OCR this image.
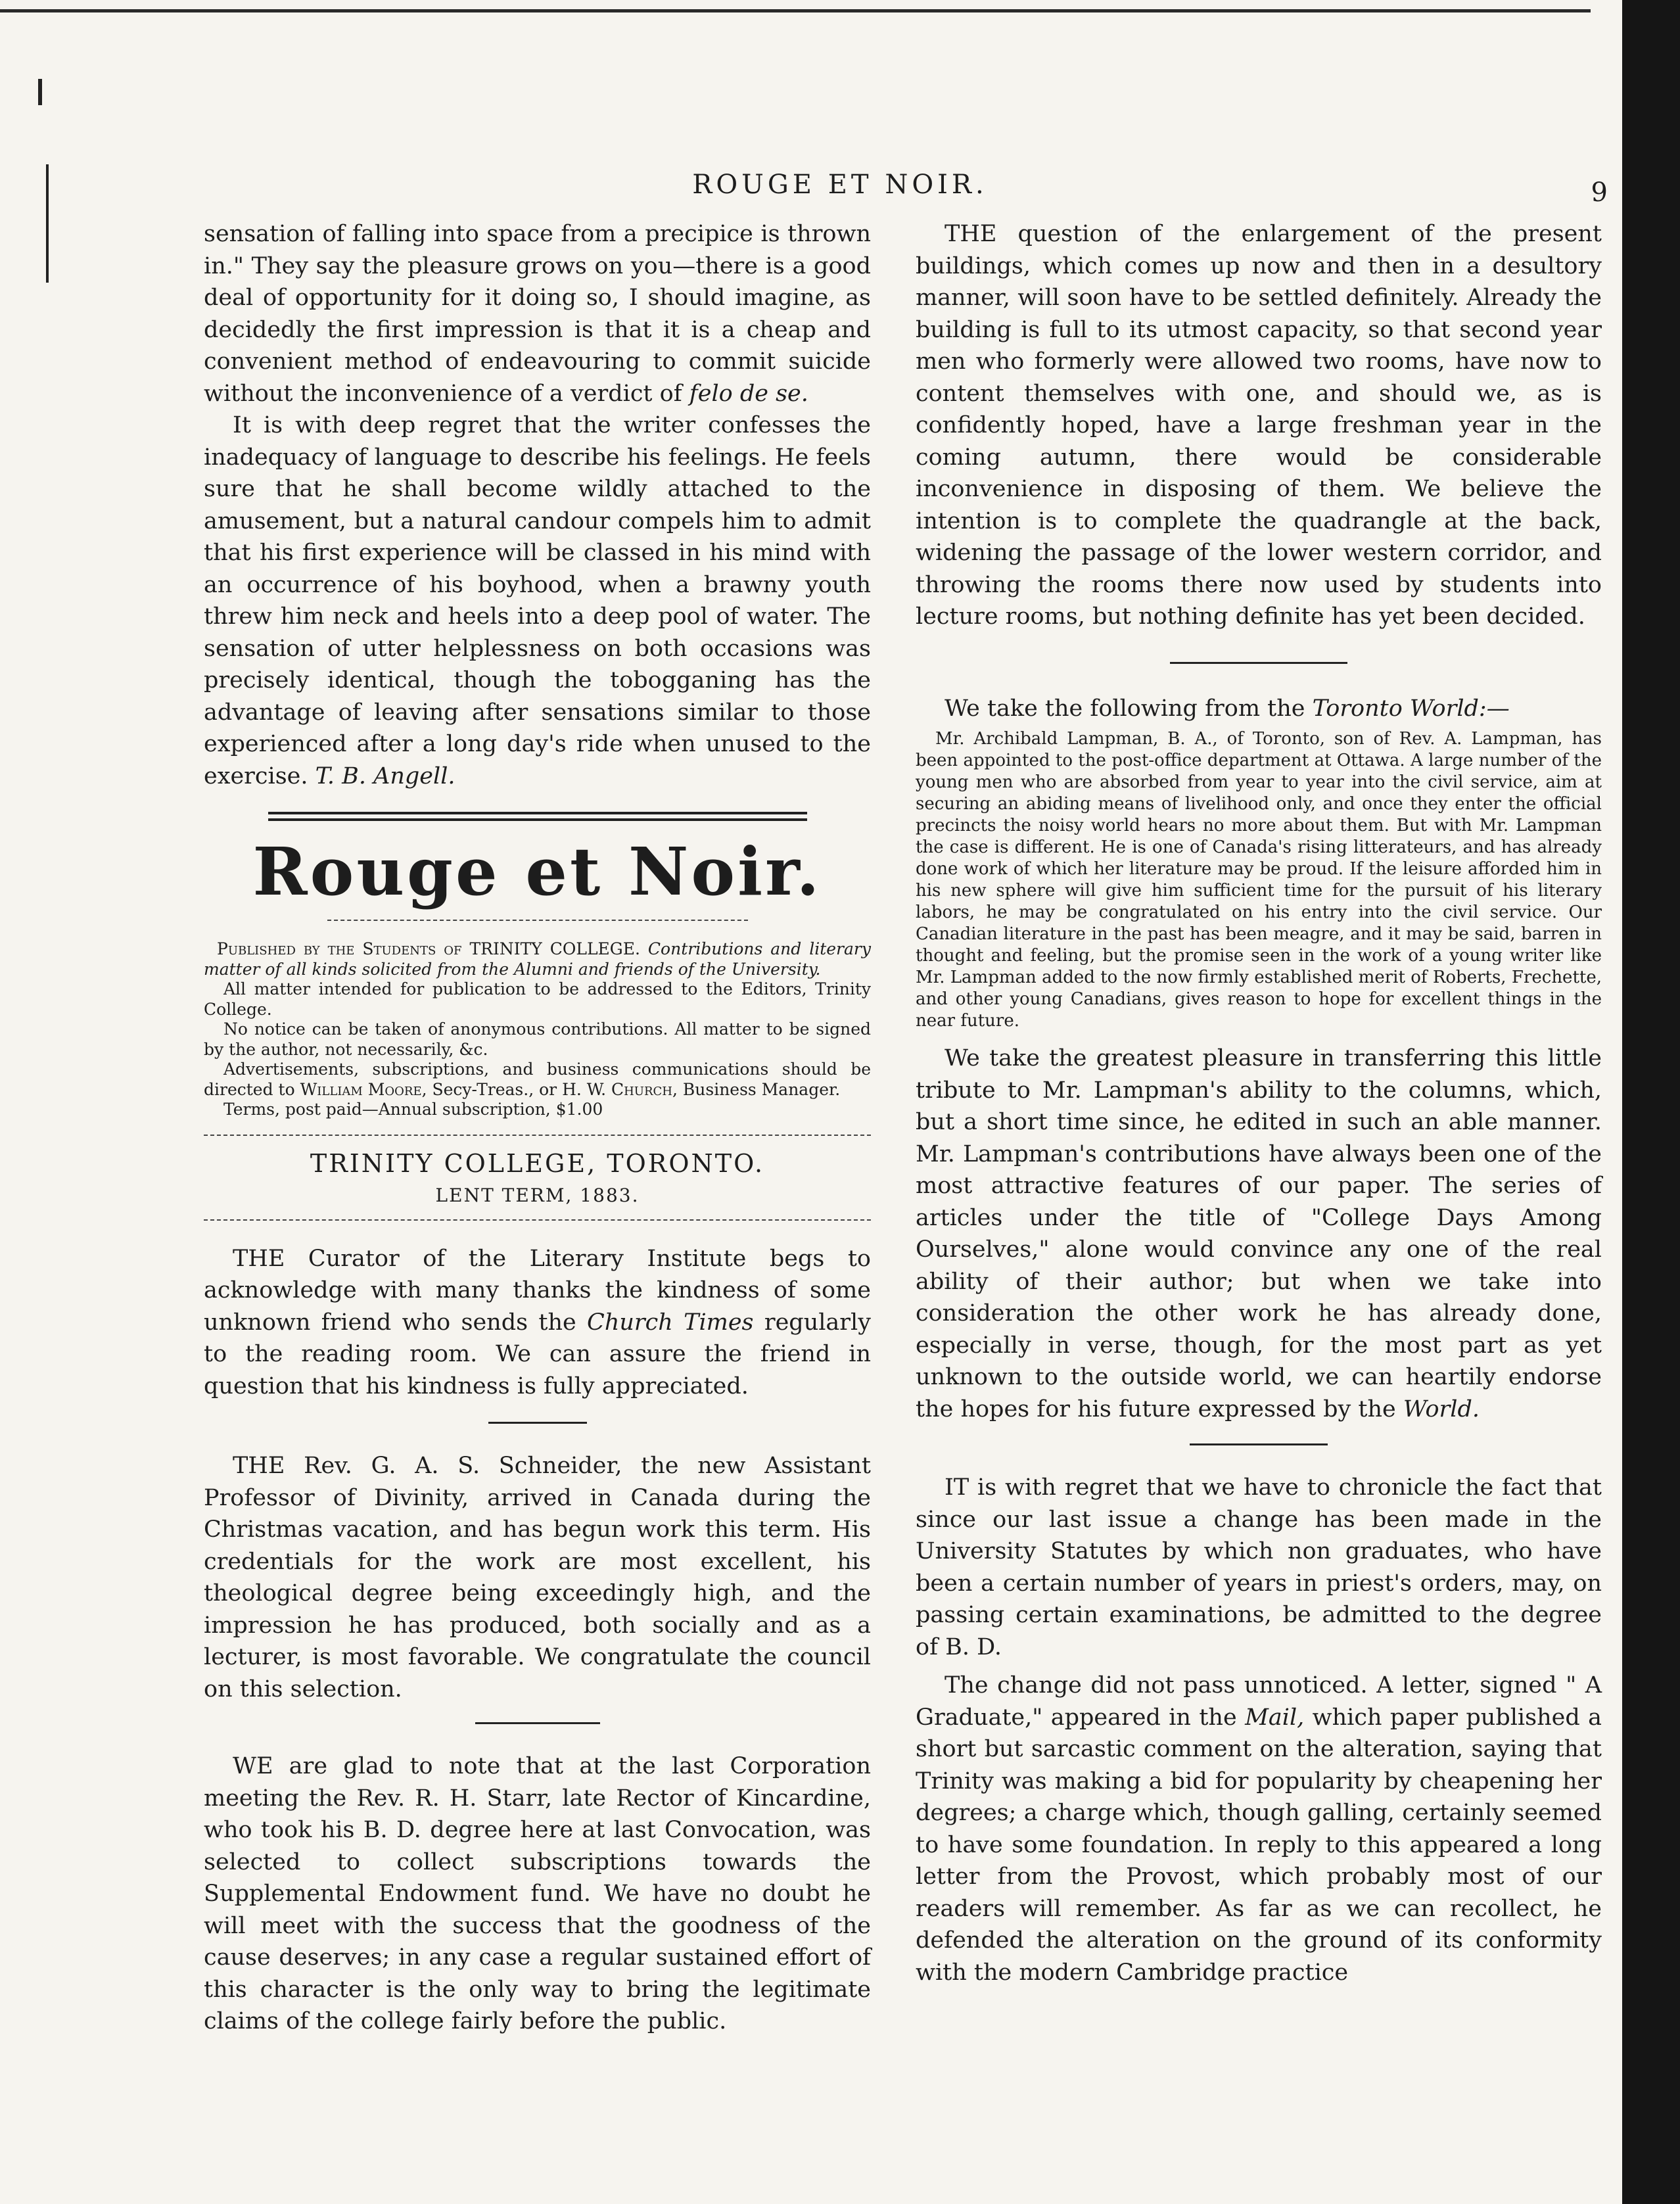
ROUGE ET NOIR.	9

sensation of falling into space from a precipice is thrown in." They say the pleasure grows on you—there is a good deal of opportunity for it doing so, I should imagine, as decidedly the first impression is that it is a cheap and convenient method of endeavouring to commit suicide without the inconvenience of a verdict of felo de se.

It is with deep regret that the writer confesses the inadequacy of language to describe his feelings. He feels sure that he shall become wildly attached to the amusement, but a natural candour compels him to admit that his first experience will be classed in his mind with an occurrence of his boyhood, when a brawny youth threw him neck and heels into a deep pool of water. The sensation of utter helplessness on both occasions was precisely identical, though the tobogganing has the advantage of leaving after sensations similar to those experienced after a long day's ride when unused to the exercise. T. B. Angell.

Rouge et Noir.

Published by the Students of TRINITY COLLEGE. Contributions and literary matter of all kinds solicited from the Alumni and friends of the University.

All matter intended for publication to be addressed to the Editors, Trinity College.

No notice can be taken of anonymous contributions. All matter to be signed by the author, not necessarily, &c.

Advertisements, subscriptions, and business communications should be directed to William Moore, Secy-Treas., or H. W. Church, Business Manager.

Terms, post paid—Annual subscription, $1.00

TRINITY COLLEGE, TORONTO.
LENT TERM, 1883.

THE Curator of the Literary Institute begs to acknowledge with many thanks the kindness of some unknown friend who sends the Church Times regularly to the reading room. We can assure the friend in question that his kindness is fully appreciated.

THE Rev. G. A. S. Schneider, the new Assistant Professor of Divinity, arrived in Canada during the Christmas vacation, and has begun work this term. His credentials for the work are most excellent, his theological degree being exceedingly high, and the impression he has produced, both socially and as a lecturer, is most favorable. We congratulate the council on this selection.

WE are glad to note that at the last Corporation meeting the Rev. R. H. Starr, late Rector of Kincardine, who took his B. D. degree here at last Convocation, was selected to collect subscriptions towards the Supplemental Endowment fund. We have no doubt he will meet with the success that the goodness of the cause deserves; in any case a regular sustained effort of this character is the only way to bring the legitimate claims of the college fairly before the public.

THE question of the enlargement of the present buildings, which comes up now and then in a desultory manner, will soon have to be settled definitely. Already the building is full to its utmost capacity, so that second year men who formerly were allowed two rooms, have now to content themselves with one, and should we, as is confidently hoped, have a large freshman year in the coming autumn, there would be considerable inconvenience in disposing of them. We believe the intention is to complete the quadrangle at the back, widening the passage of the lower western corridor, and throwing the rooms there now used by students into lecture rooms, but nothing definite has yet been decided.

We take the following from the Toronto World:—

Mr. Archibald Lampman, B. A., of Toronto, son of Rev. A. Lampman, has been appointed to the post-office department at Ottawa. A large number of the young men who are absorbed from year to year into the civil service, aim at securing an abiding means of livelihood only, and once they enter the official precincts the noisy world hears no more about them. But with Mr. Lampman the case is different. He is one of Canada's rising litterateurs, and has already done work of which her literature may be proud. If the leisure afforded him in his new sphere will give him sufficient time for the pursuit of his literary labors, he may be congratulated on his entry into the civil service. Our Canadian literature in the past has been meagre, and it may be said, barren in thought and feeling, but the promise seen in the work of a young writer like Mr. Lampman added to the now firmly established merit of Roberts, Frechette, and other young Canadians, gives reason to hope for excellent things in the near future.

We take the greatest pleasure in transferring this little tribute to Mr. Lampman's ability to the columns, which, but a short time since, he edited in such an able manner. Mr. Lampman's contributions have always been one of the most attractive features of our paper. The series of articles under the title of "College Days Among Ourselves," alone would convince any one of the real ability of their author; but when we take into consideration the other work he has already done, especially in verse, though, for the most part as yet unknown to the outside world, we can heartily endorse the hopes for his future expressed by the World.

IT is with regret that we have to chronicle the fact that since our last issue a change has been made in the University Statutes by which non graduates, who have been a certain number of years in priest's orders, may, on passing certain examinations, be admitted to the degree of B. D.

The change did not pass unnoticed. A letter, signed " A Graduate," appeared in the Mail, which paper published a short but sarcastic comment on the alteration, saying that Trinity was making a bid for popularity by cheapening her degrees; a charge which, though galling, certainly seemed to have some foundation. In reply to this appeared a long letter from the Provost, which probably most of our readers will remember. As far as we can recollect, he defended the alteration on the ground of its conformity with the modern Cambridge practice
